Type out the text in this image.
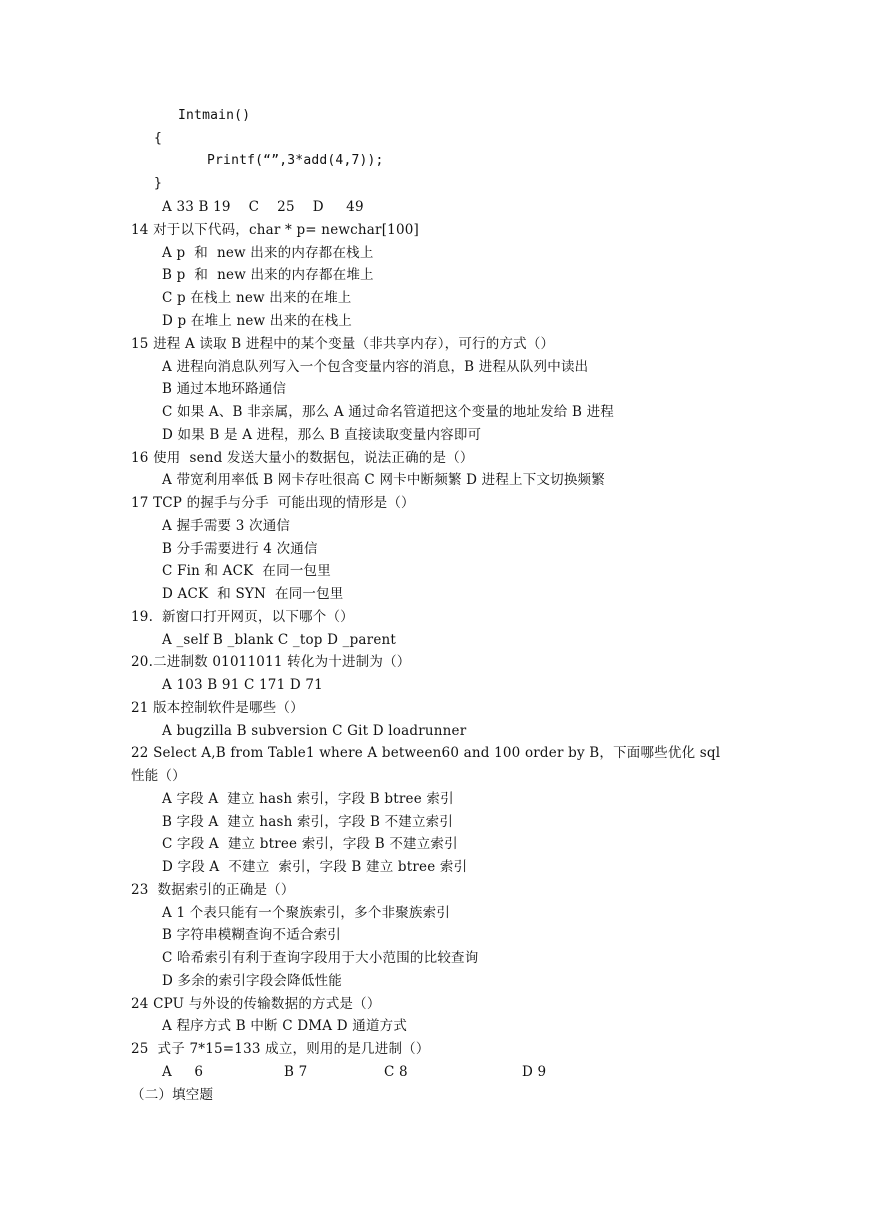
Intmain()
{
Printf(“”,3*add(4,7));
}
A 33 B 19    C    25    D     49
14 对于以下代码，char * p= newchar[100]
A p  和  new 出来的内存都在栈上
B p  和  new 出来的内存都在堆上
C p 在栈上 new 出来的在堆上
D p 在堆上 new 出来的在栈上
15 进程 A 读取 B 进程中的某个变量（非共享内存），可行的方式（）
A 进程向消息队列写入一个包含变量内容的消息，B 进程从队列中读出
B 通过本地环路通信
C 如果 A、B 非亲属，那么 A 通过命名管道把这个变量的地址发给 B 进程
D 如果 B 是 A 进程，那么 B 直接读取变量内容即可
16 使用  send 发送大量小的数据包，说法正确的是（）
A 带宽利用率低 B 网卡存吐很高 C 网卡中断频繁 D 进程上下文切换频繁
17 TCP 的握手与分手  可能出现的情形是（）
A 握手需要 3 次通信
B 分手需要进行 4 次通信
C Fin 和 ACK  在同一包里
D ACK  和 SYN  在同一包里
19.  新窗口打开网页，以下哪个（）
A _self B _blank C _top D _parent
20.二进制数 01011011 转化为十进制为（）
A 103 B 91 C 171 D 71
21 版本控制软件是哪些（）
A bugzilla B subversion C Git D loadrunner
22 Select A,B from Table1 where A between60 and 100 order by B，下面哪些优化 sql
性能（）
A 字段 A  建立 hash 索引，字段 B btree 索引
B 字段 A  建立 hash 索引，字段 B 不建立索引
C 字段 A  建立 btree 索引，字段 B 不建立索引
D 字段 A  不建立  索引，字段 B 建立 btree 索引
23  数据索引的正确是（）
A 1 个表只能有一个聚族索引，多个非聚族索引
B 字符串模糊查询不适合索引
C 哈希索引有利于查询字段用于大小范围的比较查询
D 多余的索引字段会降低性能
24 CPU 与外设的传输数据的方式是（）
A 程序方式 B 中断 C DMA D 通道方式
25  式子 7*15=133 成立，则用的是几进制（）
A     6	B 7	C 8	D 9
（二）填空题
